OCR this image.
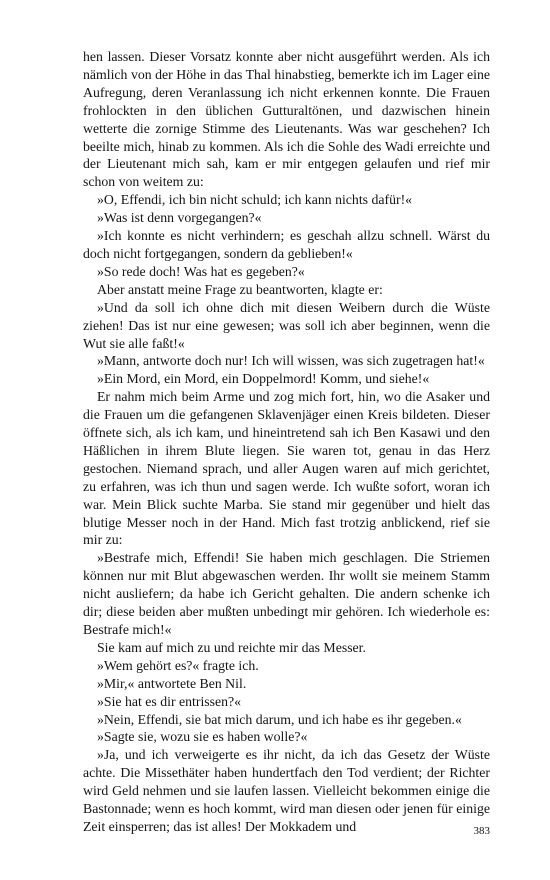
hen lassen. Dieser Vorsatz konnte aber nicht ausgeführt werden. Als ich nämlich von der Höhe in das Thal hinabstieg, bemerkte ich im Lager eine Aufregung, deren Veranlassung ich nicht erkennen konnte. Die Frauen frohlockten in den üblichen Gutturaltönen, und dazwischen hinein wetterte die zornige Stimme des Lieutenants. Was war geschehen? Ich beeilte mich, hinab zu kommen. Als ich die Sohle des Wadi erreichte und der Lieutenant mich sah, kam er mir entgegen gelaufen und rief mir schon von weitem zu:

»O, Effendi, ich bin nicht schuld; ich kann nichts dafür!«

»Was ist denn vorgegangen?«

»Ich konnte es nicht verhindern; es geschah allzu schnell. Wärst du doch nicht fortgegangen, sondern da geblieben!«

»So rede doch! Was hat es gegeben?«

Aber anstatt meine Frage zu beantworten, klagte er:

»Und da soll ich ohne dich mit diesen Weibern durch die Wüste ziehen! Das ist nur eine gewesen; was soll ich aber beginnen, wenn die Wut sie alle faßt!«

»Mann, antworte doch nur! Ich will wissen, was sich zugetragen hat!«

»Ein Mord, ein Mord, ein Doppelmord! Komm, und siehe!«

Er nahm mich beim Arme und zog mich fort, hin, wo die Asaker und die Frauen um die gefangenen Sklavenjäger einen Kreis bildeten. Dieser öffnete sich, als ich kam, und hineintretend sah ich Ben Kasawi und den Häßlichen in ihrem Blute liegen. Sie waren tot, genau in das Herz gestochen. Niemand sprach, und aller Augen waren auf mich gerichtet, zu erfahren, was ich thun und sagen werde. Ich wußte sofort, woran ich war. Mein Blick suchte Marba. Sie stand mir gegenüber und hielt das blutige Messer noch in der Hand. Mich fast trotzig anblickend, rief sie mir zu:

»Bestrafe mich, Effendi! Sie haben mich geschlagen. Die Striemen können nur mit Blut abgewaschen werden. Ihr wollt sie meinem Stamm nicht ausliefern; da habe ich Gericht gehalten. Die andern schenke ich dir; diese beiden aber mußten unbedingt mir gehören. Ich wiederhole es: Bestrafe mich!«

Sie kam auf mich zu und reichte mir das Messer.

»Wem gehört es?« fragte ich.

»Mir,« antwortete Ben Nil.

»Sie hat es dir entrissen?«

»Nein, Effendi, sie bat mich darum, und ich habe es ihr gegeben.«

»Sagte sie, wozu sie es haben wolle?«

»Ja, und ich verweigerte es ihr nicht, da ich das Gesetz der Wüste achte. Die Missethäter haben hundertfach den Tod verdient; der Richter wird Geld nehmen und sie laufen lassen. Vielleicht bekommen einige die Bastonnade; wenn es hoch kommt, wird man diesen oder jenen für einige Zeit einsperren; das ist alles! Der Mokkadem und	383
